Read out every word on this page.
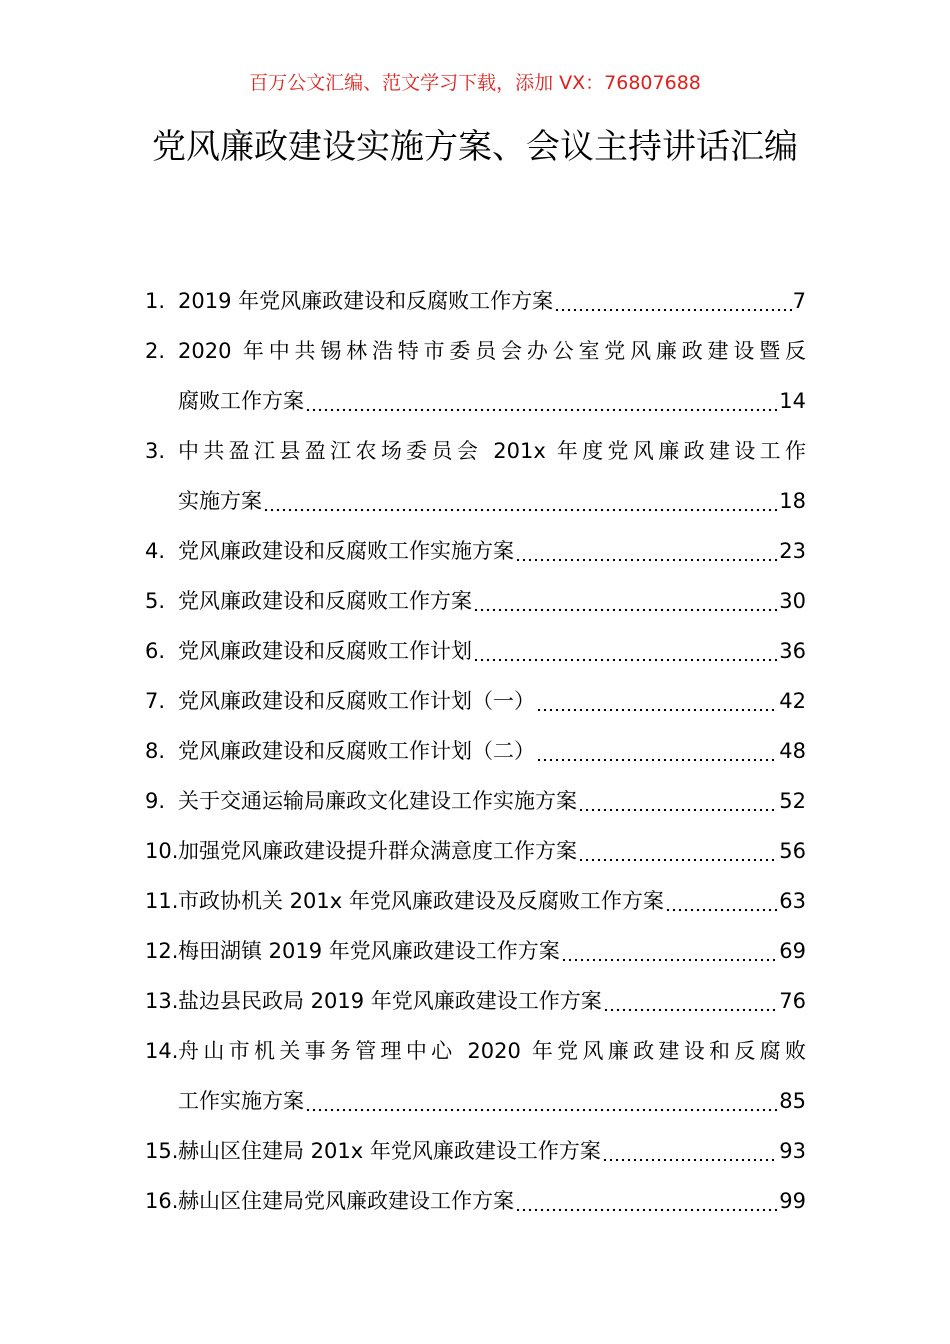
百万公文汇编、范文学习下载，添加 VX：76807688
党风廉政建设实施方案、会议主持讲话汇编
1. 2019 年党风廉政建设和反腐败工作方案	7
2. 2020 年中共锡林浩特市委员会办公室党风廉政建设暨反
腐败工作方案	14
3. 中共盈江县盈江农场委员会 201x 年度党风廉政建设工作
实施方案	18
4. 党风廉政建设和反腐败工作实施方案	23
5. 党风廉政建设和反腐败工作方案	30
6. 党风廉政建设和反腐败工作计划	36
7. 党风廉政建设和反腐败工作计划（一）	42
8. 党风廉政建设和反腐败工作计划（二）	48
9. 关于交通运输局廉政文化建设工作实施方案	52
10. 加强党风廉政建设提升群众满意度工作方案	56
11. 市政协机关 201x 年党风廉政建设及反腐败工作方案	63
12. 梅田湖镇 2019 年党风廉政建设工作方案	69
13. 盐边县民政局 2019 年党风廉政建设工作方案	76
14. 舟山市机关事务管理中心 2020 年党风廉政建设和反腐败
工作实施方案	85
15. 赫山区住建局 201x 年党风廉政建设工作方案	93
16. 赫山区住建局党风廉政建设工作方案	99
